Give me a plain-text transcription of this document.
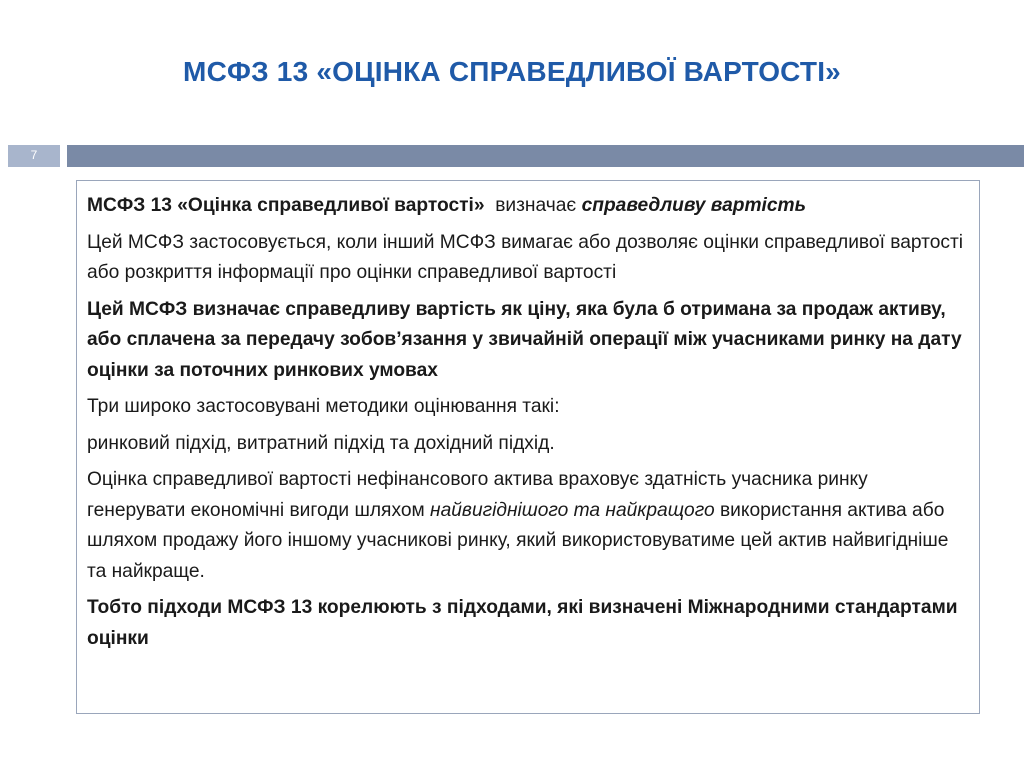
МСФЗ 13 «ОЦІНКА СПРАВЕДЛИВОЇ ВАРТОСТІ»
7

МСФЗ 13 «Оцінка справедливої вартості»  визначає справедливу вартість

Цей МСФЗ застосовується, коли інший МСФЗ вимагає або дозволяє оцінки справедливої вартості або розкриття інформації про оцінки справедливої вартості

Цей МСФЗ визначає справедливу вартість як ціну, яка була б отримана за продаж активу, або сплачена за передачу зобов’язання у звичайній операції між учасниками ринку на дату оцінки за поточних ринкових умовах

Три широко застосовувані методики оцінювання такі:

ринковий підхід, витратний підхід та дохідний підхід.

Оцінка справедливої вартості нефінансового актива враховує здатність учасника ринку генерувати економічні вигоди шляхом найвигіднішого та найкращого використання актива або шляхом продажу його іншому учасникові ринку, який використовуватиме цей актив найвигідніше та найкраще.

Тобто підходи МСФЗ 13 корелюють з підходами, які визначені Міжнародними стандартами оцінки
